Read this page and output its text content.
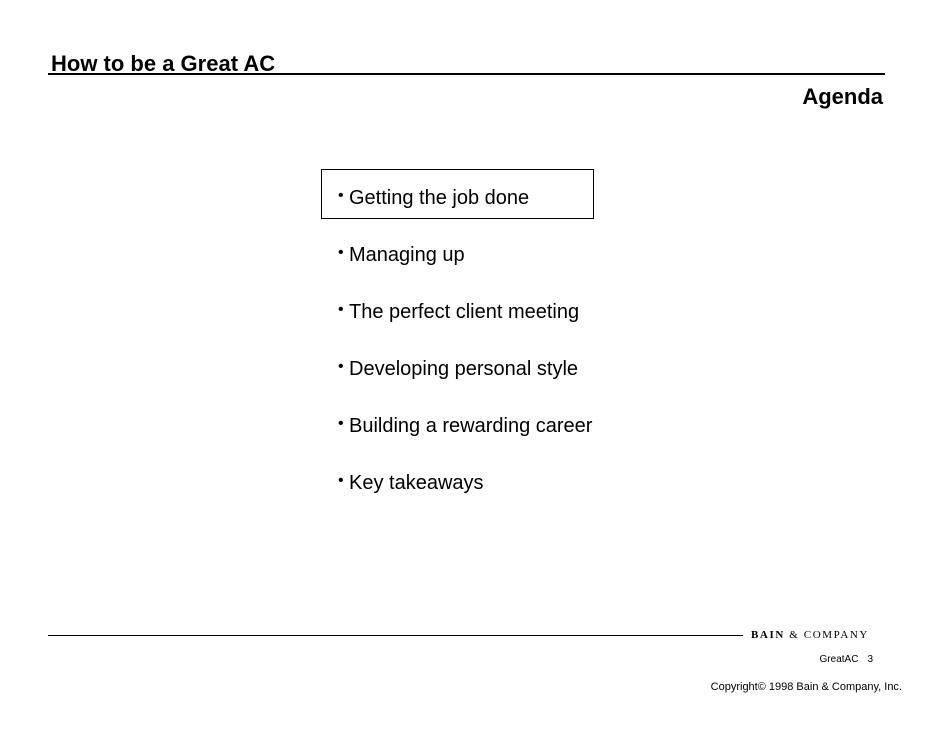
How to be a Great AC
Agenda
• Getting the job done
• Managing up
• The perfect client meeting
• Developing personal style
• Building a rewarding career
• Key takeaways
BAIN & COMPANY
GreatAC 3
Copyright© 1998 Bain & Company, Inc.
